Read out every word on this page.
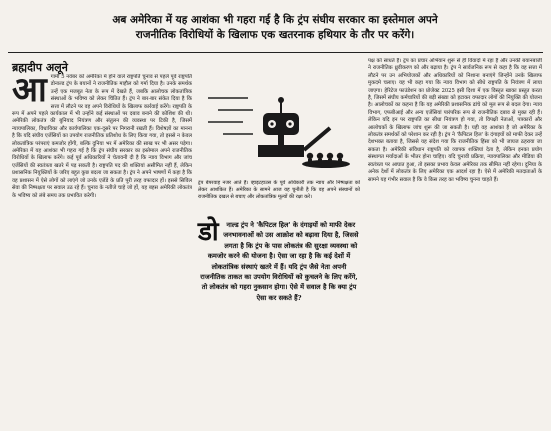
अब अमेरिका में यह आशंका भी गहरा गई है कि ट्रंप संघीय सरकार का इस्तेमाल अपने
राजनीतिक विरोधियों के खिलाफ एक खतरनाक हथियार के तौर पर करेंगे।
ब्रह्मदीप अलूने
आ गामी 5 नवंबर को अमेरिका में होने वाले राष्ट्रपति चुनाव से पहले पूर्व राष्ट्रपति डोनाल्ड ट्रंप के बयानों ने राजनीतिक माहौल को गर्मा दिया है। उनके समर्थक उन्हें एक मजबूत नेता के रूप में देखते हैं, जबकि आलोचक लोकतांत्रिक संस्थाओं के भविष्य को लेकर चिंतित हैं। ट्रंप ने बार-बार संकेत दिया है कि सत्ता में लौटने पर वह अपने विरोधियों के खिलाफ कार्रवाई करेंगे। राष्ट्रपति के रूप में अपने पहले कार्यकाल में भी उन्होंने कई संस्थाओं पर दबाव बनाने की कोशिश की थी। अमेरिकी लोकतंत्र की बुनियाद नियंत्रण और संतुलन की व्यवस्था पर टिकी है, जिसमें न्यायपालिका, विधायिका और कार्यपालिका एक-दूसरे पर निगरानी रखती हैं। विशेषज्ञों का मानना है कि यदि संघीय एजेंसियों का उपयोग राजनीतिक प्रतिशोध के लिए किया गया, तो इससे न केवल लोकतांत्रिक परंपराएं कमजोर होंगी, बल्कि दुनिया भर में अमेरिका की साख पर भी असर पड़ेगा। अमेरिका में यह आशंका भी गहरा गई है कि ट्रंप संघीय सरकार का इस्तेमाल अपने राजनीतिक विरोधियों के खिलाफ करेंगे। कई पूर्व अधिकारियों ने चेतावनी दी है कि न्याय विभाग और जांच एजेंसियों की स्वतंत्रता खतरे में पड़ सकती है। राष्ट्रपति पद की शक्तियां असीमित नहीं हैं, लेकिन प्रशासनिक नियुक्तियों के जरिए बहुत कुछ बदला जा सकता है। ट्रंप ने अपने भाषणों में कहा है कि वह प्रशासन में ऐसे लोगों को लाएंगे जो उनके एजेंडे के प्रति पूरी तरह वफादार हों। इससे सिविल सेवा की निष्पक्षता पर सवाल उठ रहे हैं। चुनाव के नतीजे चाहे जो हों, यह बहस अमेरिकी लोकतंत्र के भविष्य को लंबे समय तक प्रभावित करेगी।
ट्रंप बेपरवाह नजर आते हैं। व्हाइटहाउस के पूर्व अधिकारी तक न्याय और निष्पक्षता को लेकर आशंकित हैं। अमेरिका के सामने आज यह चुनौती है कि वह अपने संस्थानों को राजनीतिक दखल से बचाए और लोकतांत्रिक मूल्यों की रक्षा करे।
डो नाल्ड ट्रंप ने 'कैपिटल हिल' के दंगाइयों को माफी देकर जनभावनाओं को उस आक्रोश को बढ़ावा दिया है, जिससे लगता है कि ट्रंप के पास लोकतंत्र की सुरक्षा व्यवस्था को कमजोर करने की योजना है। ऐसा जा रहा है कि कई देशों में लोकतांत्रिक संस्थाएं खतरे में हैं। यदि ट्रंप जैसे नेता अपनी राजनीतिक ताकत का उपयोग विरोधियों को कुचलने के लिए करेंगे, तो लोकतंत्र को गहरा नुकसान होगा। ऐसे में सवाल है कि क्या ट्रंप ऐसा कर सकते हैं?
पक्ष को साधते हैं। ट्रंप का प्रचार अभियान शुरू से ही विवादों में रहा है और उनकी बयानबाजी ने राजनीतिक ध्रुवीकरण को और बढ़ाया है। ट्रंप ने सार्वजनिक रूप से कहा है कि वह सत्ता में लौटने पर उन अभियोजकों और अधिकारियों को निशाना बनाएंगे जिन्होंने उनके खिलाफ मुकदमे चलाए। यह भी कहा गया कि न्याय विभाग को सीधे राष्ट्रपति के नियंत्रण में लाया जाएगा। हेरिटेज फाउंडेशन का प्रोजेक्ट 2025 इसी दिशा में एक विस्तृत खाका प्रस्तुत करता है, जिसमें संघीय कर्मचारियों की बड़ी संख्या को हटाकर वफादार लोगों की नियुक्ति की योजना है। आलोचकों का कहना है कि यह अमेरिकी प्रशासनिक ढांचे को मूल रूप से बदल देगा। न्याय विभाग, एफबीआई और अन्य एजेंसियां पारंपरिक रूप से राजनीतिक दबाव से मुक्त रही हैं। लेकिन यदि इन पर राष्ट्रपति का सीधा नियंत्रण हो गया, तो विपक्षी नेताओं, पत्रकारों और आलोचकों के खिलाफ जांच शुरू की जा सकती है। यही वह आशंका है जो अमेरिका के लोकतंत्र समर्थकों को परेशान कर रही है। ट्रंप ने 'कैपिटल हिल' के दंगाइयों को माफी देकर उन्हें देशभक्त बताया है, जिससे यह संदेश गया कि राजनीतिक हिंसा को भी जायज ठहराया जा सकता है। अमेरिकी संविधान राष्ट्रपति को व्यापक शक्तियां देता है, लेकिन इनका प्रयोग संस्थागत मर्यादाओं के भीतर होना चाहिए। यदि चुनावी प्रक्रिया, न्यायपालिका और मीडिया की स्वतंत्रता पर आघात हुआ, तो इसका प्रभाव केवल अमेरिका तक सीमित नहीं रहेगा। दुनिया के अनेक देशों में लोकतंत्र के लिए अमेरिका एक आदर्श रहा है। ऐसे में अमेरिकी मतदाताओं के सामने यह गंभीर सवाल है कि वे किस तरह का भविष्य चुनना चाहते हैं।
